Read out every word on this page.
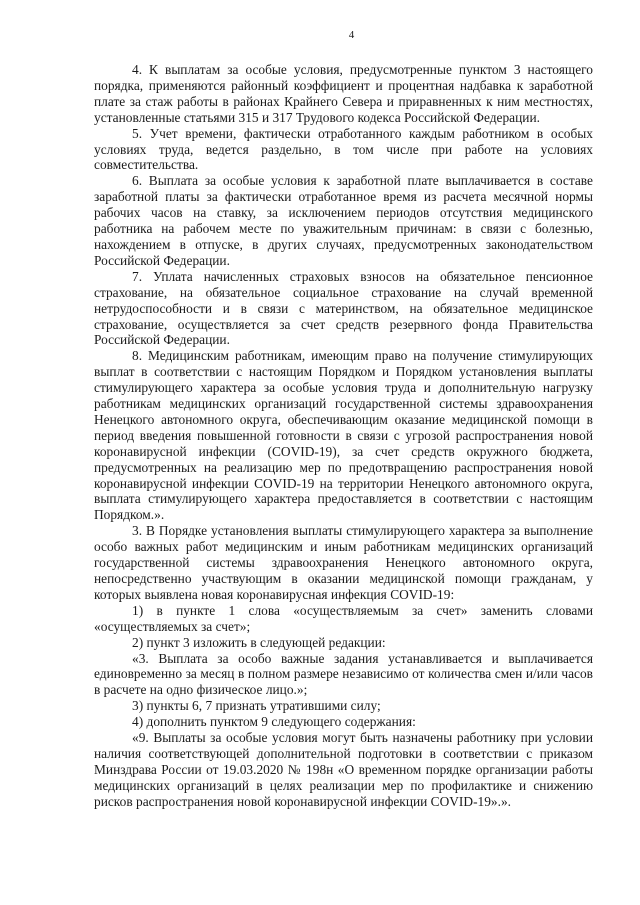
4

4. К выплатам за особые условия, предусмотренные пунктом 3 настоящего порядка, применяются районный коэффициент и процентная надбавка к заработной плате за стаж работы в районах Крайнего Севера и приравненных к ним местностях, установленные статьями 315 и 317 Трудового кодекса Российской Федерации.

5. Учет времени, фактически отработанного каждым работником в особых условиях труда, ведется раздельно, в том числе при работе на условиях совместительства.

6. Выплата за особые условия к заработной плате выплачивается в составе заработной платы за фактически отработанное время из расчета месячной нормы рабочих часов на ставку, за исключением периодов отсутствия медицинского работника на рабочем месте по уважительным причинам: в связи с болезнью, нахождением в отпуске, в других случаях, предусмотренных законодательством Российской Федерации.

7. Уплата начисленных страховых взносов на обязательное пенсионное страхование, на обязательное социальное страхование на случай временной нетрудоспособности и в связи с материнством, на обязательное медицинское страхование, осуществляется за счет средств резервного фонда Правительства Российской Федерации.

8. Медицинским работникам, имеющим право на получение стимулирующих выплат в соответствии с настоящим Порядком и Порядком установления выплаты стимулирующего характера за особые условия труда и дополнительную нагрузку работникам медицинских организаций государственной системы здравоохранения Ненецкого автономного округа, обеспечивающим оказание медицинской помощи в период введения повышенной готовности в связи с угрозой распространения новой коронавирусной инфекции (COVID-19), за счет средств окружного бюджета, предусмотренных на реализацию мер по предотвращению распространения новой коронавирусной инфекции COVID-19 на территории Ненецкого автономного округа, выплата стимулирующего характера предоставляется в соответствии с настоящим Порядком.».

3. В Порядке установления выплаты стимулирующего характера за выполнение особо важных работ медицинским и иным работникам медицинских организаций государственной системы здравоохранения Ненецкого автономного округа, непосредственно участвующим в оказании медицинской помощи гражданам, у которых выявлена новая коронавирусная инфекция COVID-19:

1) в пункте 1 слова «осуществляемым за счет» заменить словами «осуществляемых за счет»;

2) пункт 3 изложить в следующей редакции:

«3. Выплата за особо важные задания устанавливается и выплачивается единовременно за месяц в полном размере независимо от количества смен и/или часов в расчете на одно физическое лицо.»;

3) пункты 6, 7 признать утратившими силу;

4) дополнить пунктом 9 следующего содержания:

«9. Выплаты за особые условия могут быть назначены работнику при условии наличия соответствующей дополнительной подготовки в соответствии с приказом Минздрава России от 19.03.2020 № 198н «О временном порядке организации работы медицинских организаций в целях реализации мер по профилактике и снижению рисков распространения новой коронавирусной инфекции COVID-19».».
